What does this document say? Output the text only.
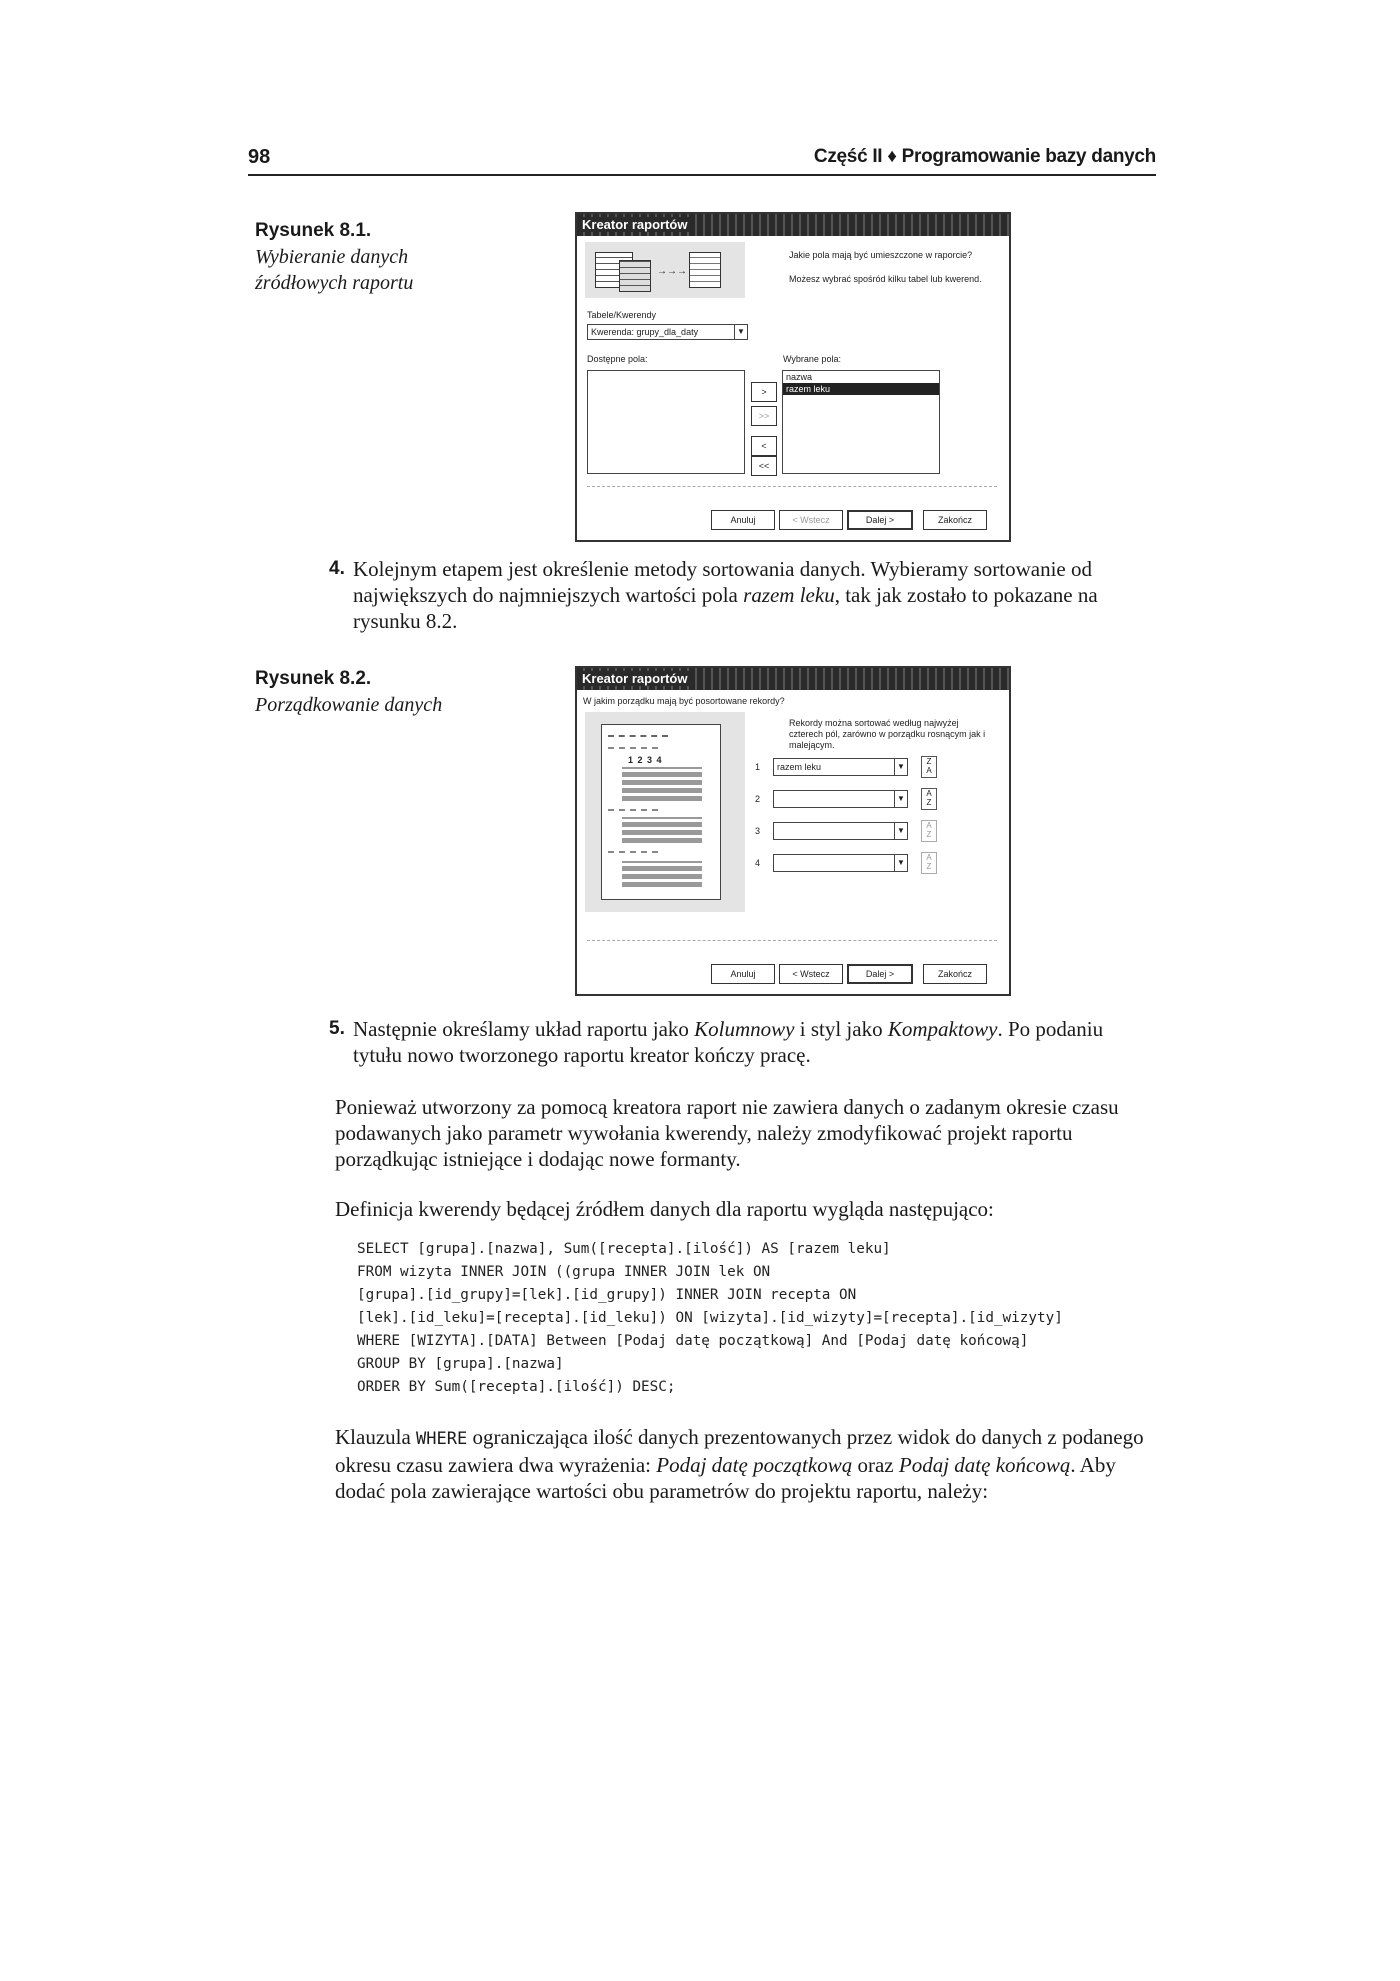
98	Część II ♦ Programowanie bazy danych
Rysunek 8.1.
Wybieranie danych źródłowych raportu
Kreator raportów
→→→
Jakie pola mają być umieszczone w raporcie?
Możesz wybrać spośród kilku tabel lub kwerend.
Tabele/Kwerendy
Kwerenda: grupy_dla_daty	▼
Dostępne pola:	Wybrane pola:
>
>>
<
<<
nazwa
razem leku
Anuluj	< Wstecz	Dalej >	Zakończ
4. Kolejnym etapem jest określenie metody sortowania danych. Wybieramy sortowanie od największych do najmniejszych wartości pola razem leku, tak jak zostało to pokazane na rysunku 8.2.
Rysunek 8.2.
Porządkowanie danych
Kreator raportów
W jakim porządku mają być posortowane rekordy?
1 2 3 4
Rekordy można sortować według najwyżej czterech pól, zarówno w porządku rosnącym jak i malejącym.
1	razem leku	▼
Z
A
2	▼
A
Z
3	▼
A
Z
4	▼
A
Z
Anuluj	< Wstecz	Dalej >	Zakończ
5. Następnie określamy układ raportu jako Kolumnowy i styl jako Kompaktowy. Po podaniu tytułu nowo tworzonego raportu kreator kończy pracę.

Ponieważ utworzony za pomocą kreatora raport nie zawiera danych o zadanym okresie czasu podawanych jako parametr wywołania kwerendy, należy zmodyfikować projekt raportu porządkując istniejące i dodając nowe formanty.

Definicja kwerendy będącej źródłem danych dla raportu wygląda następująco:

SELECT [grupa].[nazwa], Sum([recepta].[ilość]) AS [razem leku]
FROM wizyta INNER JOIN ((grupa INNER JOIN lek ON
[grupa].[id_grupy]=[lek].[id_grupy]) INNER JOIN recepta ON
[lek].[id_leku]=[recepta].[id_leku]) ON [wizyta].[id_wizyty]=[recepta].[id_wizyty]
WHERE [WIZYTA].[DATA] Between [Podaj datę początkową] And [Podaj datę końcową]
GROUP BY [grupa].[nazwa]
ORDER BY Sum([recepta].[ilość]) DESC;

Klauzula WHERE ograniczająca ilość danych prezentowanych przez widok do danych z podanego okresu czasu zawiera dwa wyrażenia: Podaj datę początkową oraz Podaj datę końcową. Aby dodać pola zawierające wartości obu parametrów do projektu raportu, należy:
